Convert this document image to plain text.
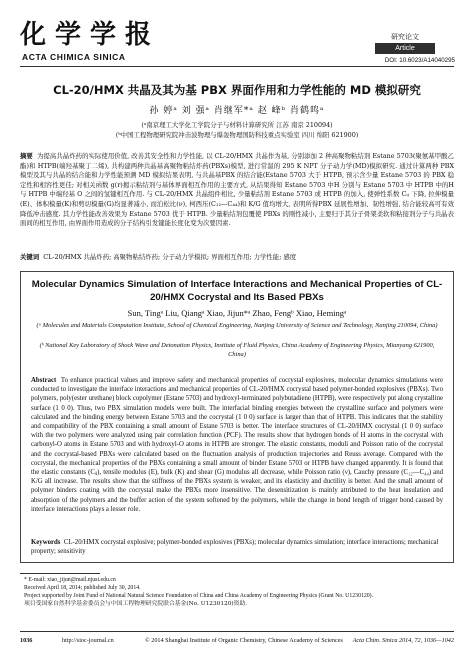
化学学报
ACTA CHIMICA SINICA
研究论文
Article
DOI: 10.6023/A14040295
CL-20/HMX 共晶及其为基 PBX 界面作用和力学性能的 MD 模拟研究
孙 婷ᵃ 刘 强ᵃ 肖继军*ᵃ 赵 峰ᵇ 肖鹤鸣ᵃ
(ᵃ南京理工大学化工学院分子与材料计算研究所 江苏 南京 210094)
(ᵇ中国工程物理研究院冲击波物理与爆轰物理国防科技重点实验室 四川 绵阳 621900)
摘要 为提高共晶炸药的实际使用价值, 改善其安全性和力学性能, 以 CL-20/HMX 共晶作为基, 分别添加 2 种高聚物粘结剂 Estane 5703(聚氨基甲酸乙酯)和 HTPB(端羟基聚丁二烯), 共构建两种共晶基高聚物粘结炸药(PBXs)模型, 进行常温的 295 K NPT 分子动力学(MD)模拟研究. 通过计算两种 PBX 模型及其与共晶的结合能和力学性能预测 MD 模拟结果表明, 与共晶基PBX 的结合能(Estane 5703 大于 HTPB, 预示含少量 Estane 5703 的 PBX 稳定性和相容性更佳; 对相关函数 g(r)揭示粘结剂与基体界面相互作用的主要方式, 从结果得知 Estane 5703 中H 分别与 Estane 5703 中 HTPB 中的H 与 HTPB 中端羟基 O 之间的氢键相互作用. 与 CL-20/HMX 共晶组件相比, 少量粘结剂 Estane 5703 或 HTPB 的加入, 使弹性系数 Cᵢⱼ 下降, 拉伸模量(E)、体积模量(K)和剪切模量(G)均显著减小, 而泊松比(ν), 柯西压(C₁₂—C₄₄)和 K/G 值均增大, 表明所得PBX 延展性增加、韧性增强, 结合能较高可有效降低冲击感度. 其力学性能改善效果为 Estane 5703 优于 HTPB. 少量粘结剂包覆使 PBXs 的刚性减小, 主要归于其分子骨架柔软和粘接剂分子与共晶表面间的相互作用, 由界面作用造成的分子结构引发键能长度化变为次要因素.
关键词 CL-20/HMX 共晶炸药; 高聚物粘结炸药; 分子动力学模拟; 界面相互作用; 力学性能; 感度
Molecular Dynamics Simulation of Interface Interactions and Mechanical Properties of CL-20/HMX Cocrystal and Its Based PBXs
Sun, Tingᵃ Liu, Qiangᵃ Xiao, Jijun*ᵃ Zhao, Fengᵇ Xiao, Hemingᵃ
(ᵃ Molecules and Materials Computation Institute, School of Chemical Engineering, Nanjing University of Science and Technology, Nanjing 210094, China)
(ᵇ National Key Laboratory of Shock Wave and Detonation Physics, Institute of Fluid Physics, China Academy of Engineering Physics, Mianyang 621900, China)
Abstract To enhance practical values and improve safety and mechanical properties of cocrystal explosives, molecular dynamics simulations were conducted to investigate the interface interactions and mechanical properties of CL-20/HMX cocrystal based polymer-bonded explosives (PBXs). Two polymers, poly(ester urethane) block copolymer (Estane 5703) and hydroxyl-terminated polybutadiene (HTPB), were respectively put along crystalline surface (1 0 0). Thus, two PBX simulation models were built. The interfacial binding energies between the crystalline surface and polymers were calculated and the binding energy between Estane 5703 and the cocrystal (1 0 0) surface is larger than that of HTPB. This indicates that the stability and compatibility of the PBX containing a small amount of Estane 5703 is better. The interface structures of CL-20/HMX cocrystal (1 0 0) surface with the two polymers were analyzed using pair correlation function (PCF). The results show that hydrogen bonds of H atoms in the cocrystal with carbonyl-O atoms in Estane 5703 and with hydroxyl-O atoms in HTPB are stronger. The elastic constants, moduli and Poisson ratio of the cocrystal and the cocrystal-based PBXs were calculated based on the fluctuation analysis of production trajectories and Reuss average. Compared with the cocrystal, the mechanical properties of the PBXs containing a small amount of binder Estane 5703 or HTPB have changed apparently. It is found that the elastic constants (Cᵢⱼ), tensile modulus (E), bulk (K) and shear (G) modulus all decrease, while Poisson ratio (ν), Cauchy pressure (C₁₂—C₄₄) and K/G all increase. The results show that the stiffness of the PBXs system is weaker, and its elasticity and ductility is better. And the small amount of polymer binders coating with the cocrystal make the PBXs more insensitive. The desensitization is mainly attributed to the heat insulation and absorption of the polymers and the buffer action of the system softened by the polymers, while the change in bond length of trigger bond caused by interface interactions plays a lesser role.
Keywords CL-20/HMX cocrystal explosive; polymer-bonded explosives (PBXs); molecular dynamics simulation; interface interactions; mechanical property; sensitivity
* E-mail: xiao_jijun@mail.njust.edu.cn
Received April 18, 2014; published July 30, 2014.
Project supported by Joint Fund of National Natural Science Foundation of China and China Academy of Engineering Physics (Grant No. U1230120).
项目受国家自然科学基金委员会与中国工程物理研究院联合基金(No. U1230120)资助.
1036	http://sioc-journal.cn	© 2014 Shanghai Institute of Organic Chemistry, Chinese Academy of Sciences	Acta Chim. Sinica 2014, 72, 1036—1042
